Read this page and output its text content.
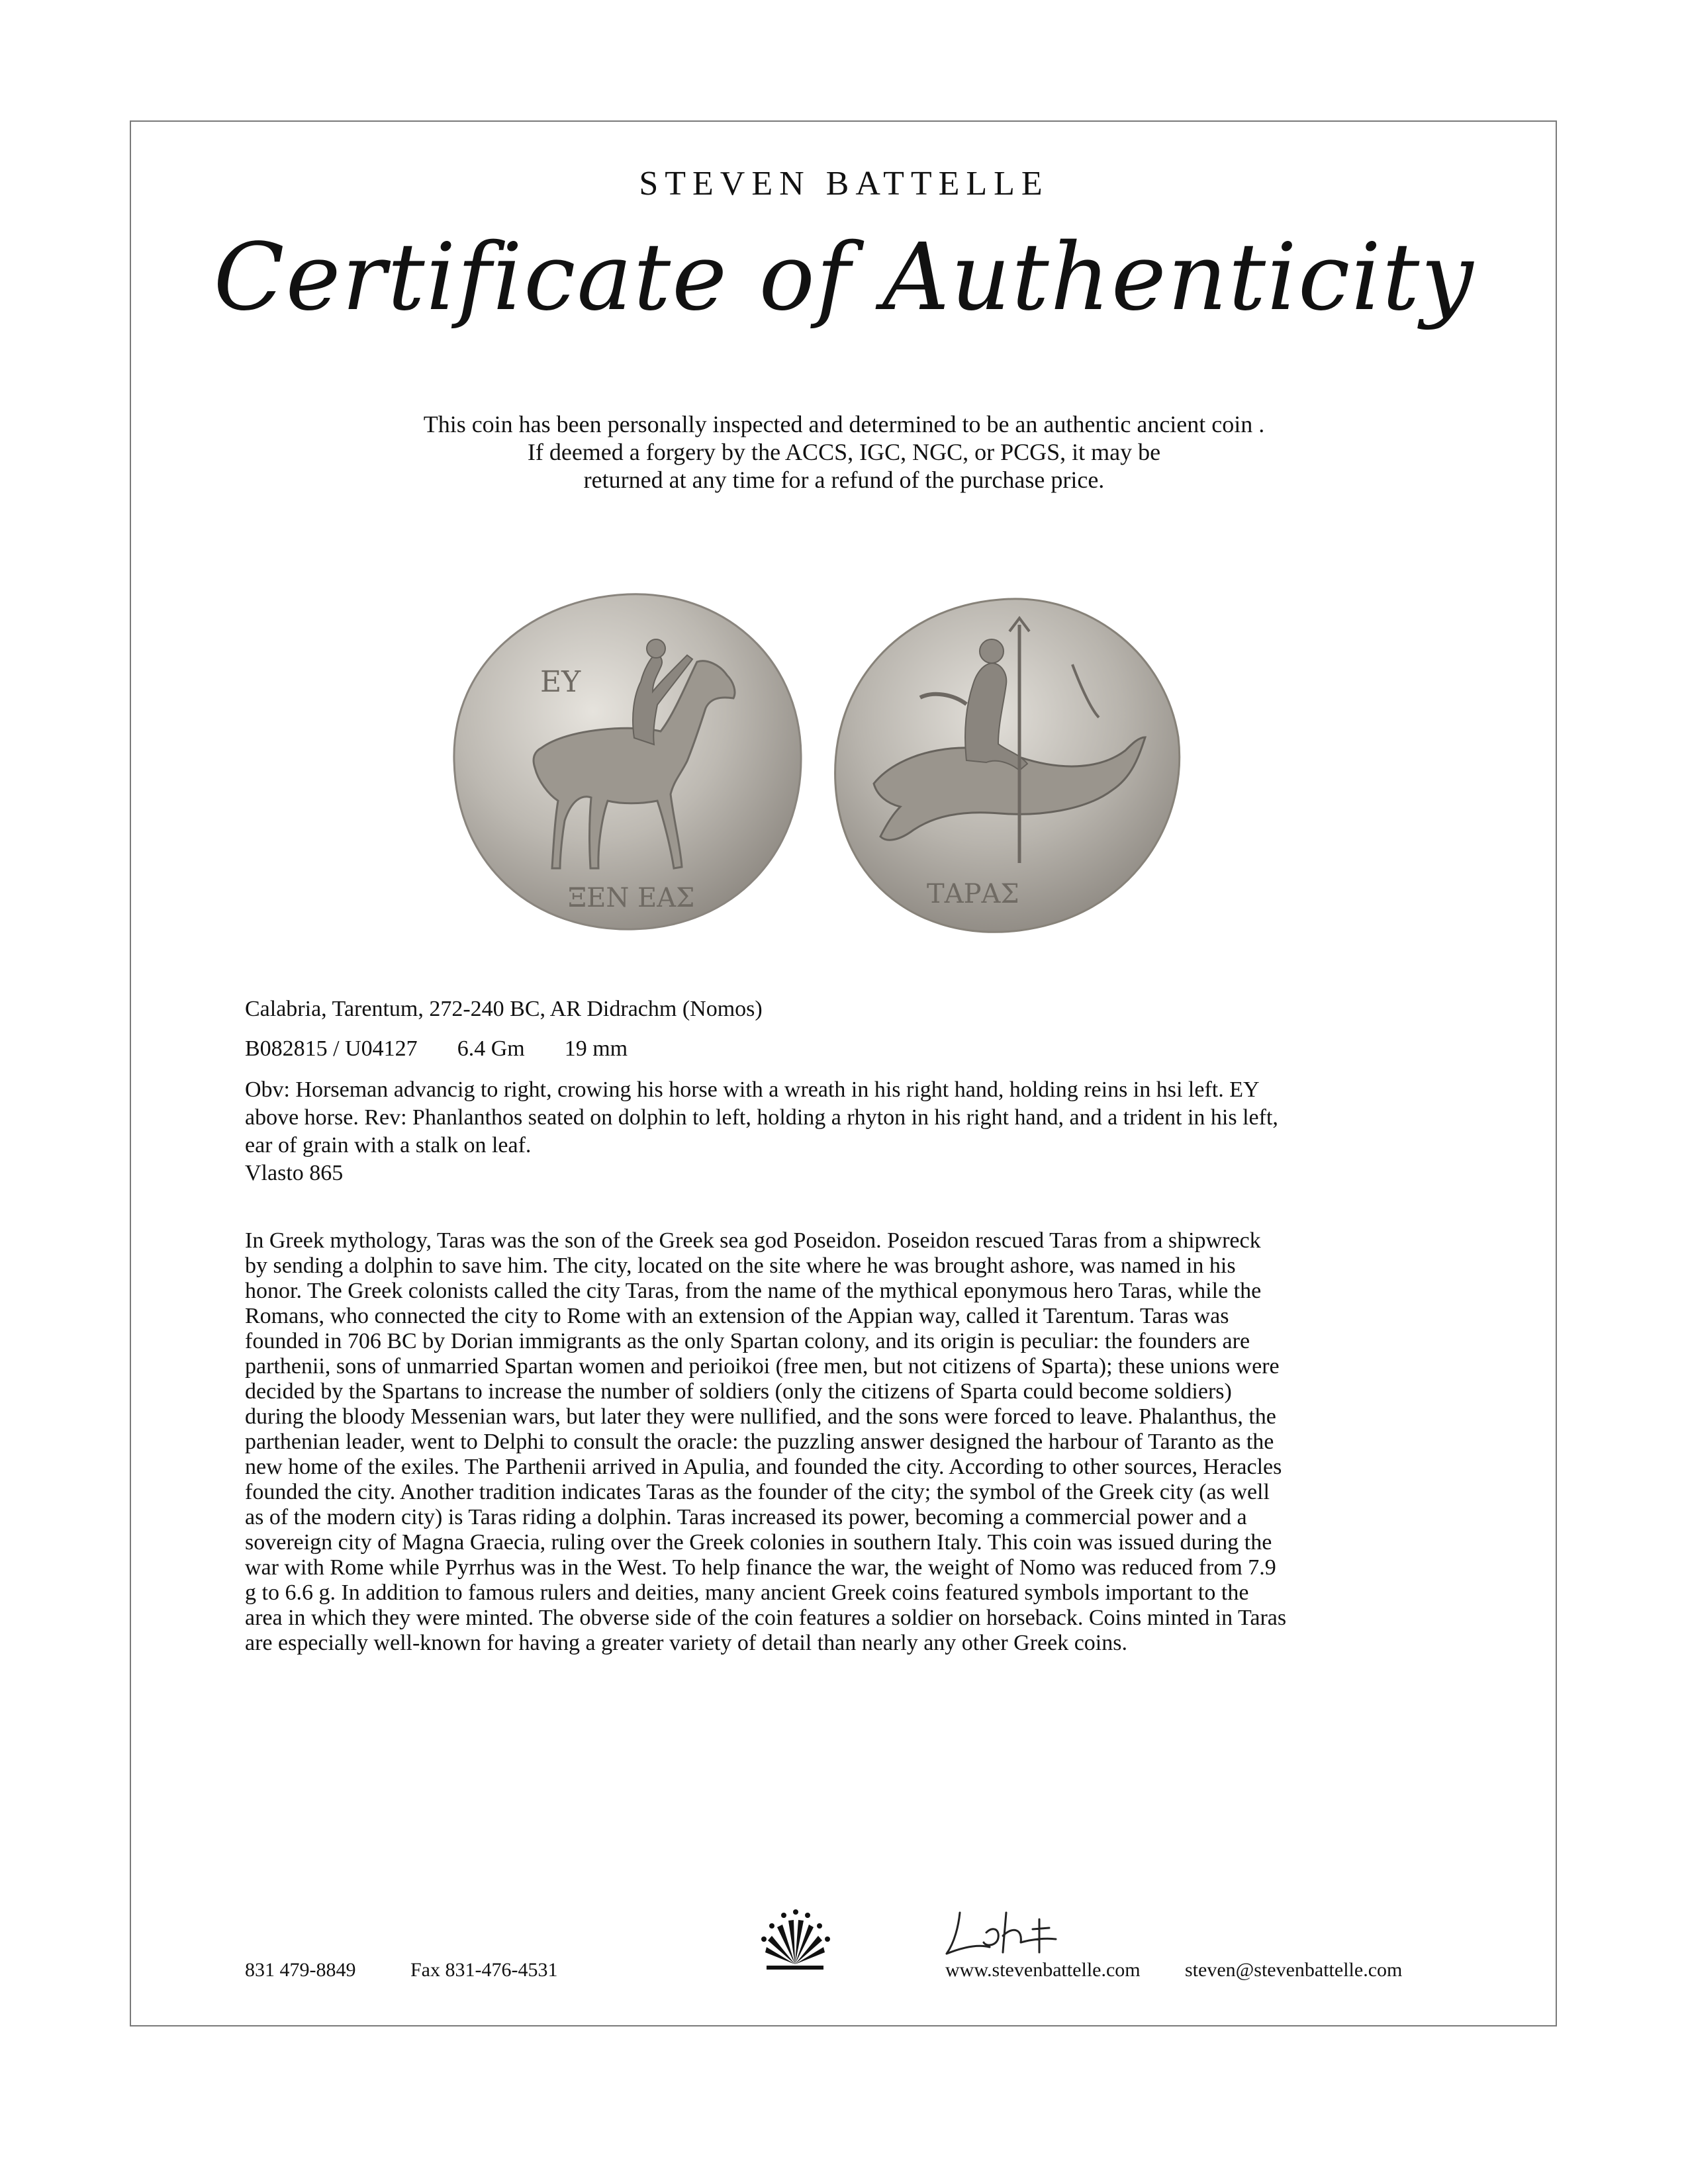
STEVEN BATTELLE
Certificate of Authenticity
This coin has been personally inspected and determined to be an authentic ancient coin .
If deemed a forgery by the ACCS, IGC, NGC, or PCGS, it may be
returned at any time for a refund of the purchase price.
EY
ΞΕΝ ΕΑΣ	ΤΑΡΑΣ
Calabria, Tarentum, 272-240 BC, AR Didrachm (Nomos)
B082815 / U04127 6.4 Gm 19 mm
Obv: Horseman advancig to right, crowing his horse with a wreath in his right hand, holding reins in hsi left. EY
above horse. Rev: Phanlanthos seated on dolphin to left, holding a rhyton in his right hand, and a trident in his left,
ear of grain with a stalk on leaf.
Vlasto 865
In Greek mythology, Taras was the son of the Greek sea god Poseidon. Poseidon rescued Taras from a shipwreck
by sending a dolphin to save him. The city, located on the site where he was brought ashore, was named in his
honor. The Greek colonists called the city Taras, from the name of the mythical eponymous hero Taras, while the
Romans, who connected the city to Rome with an extension of the Appian way, called it Tarentum. Taras was
founded in 706 BC by Dorian immigrants as the only Spartan colony, and its origin is peculiar: the founders are
parthenii, sons of unmarried Spartan women and perioikoi (free men, but not citizens of Sparta); these unions were
decided by the Spartans to increase the number of soldiers (only the citizens of Sparta could become soldiers)
during the bloody Messenian wars, but later they were nullified, and the sons were forced to leave. Phalanthus, the
parthenian leader, went to Delphi to consult the oracle: the puzzling answer designed the harbour of Taranto as the
new home of the exiles. The Parthenii arrived in Apulia, and founded the city. According to other sources, Heracles
founded the city. Another tradition indicates Taras as the founder of the city; the symbol of the Greek city (as well
as of the modern city) is Taras riding a dolphin. Taras increased its power, becoming a commercial power and a
sovereign city of Magna Graecia, ruling over the Greek colonies in southern Italy. This coin was issued during the
war with Rome while Pyrrhus was in the West. To help finance the war, the weight of Nomo was reduced from 7.9
g to 6.6 g. In addition to famous rulers and deities, many ancient Greek coins featured symbols important to the
area in which they were minted. The obverse side of the coin features a soldier on horseback. Coins minted in Taras
are especially well-known for having a greater variety of detail than nearly any other Greek coins.
831 479-8849	Fax 831-476-4531	www.stevenbattelle.com steven@stevenbattelle.com
